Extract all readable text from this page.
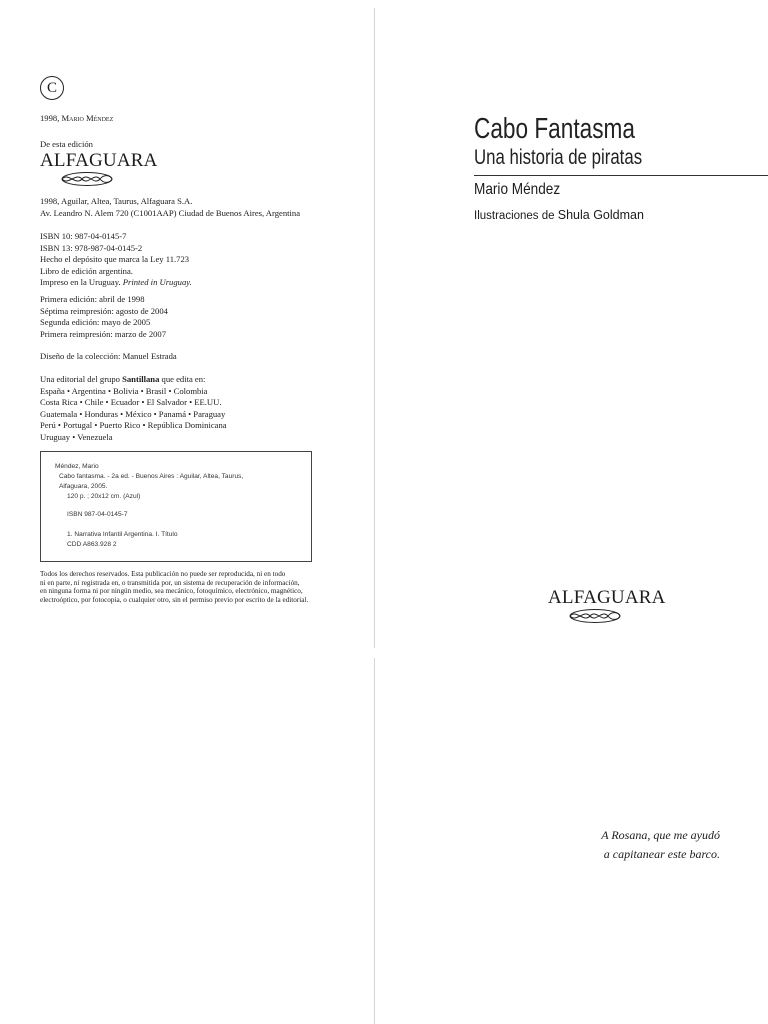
C
1998, Mario Méndez
De esta edición
ALFAGUARA
1998, Aguilar, Altea, Taurus, Alfaguara S.A.
Av. Leandro N. Alem 720 (C1001AAP) Ciudad de Buenos Aires, Argentina
ISBN 10: 987-04-0145-7
ISBN 13: 978-987-04-0145-2
Hecho el depósito que marca la Ley 11.723
Libro de edición argentina.
Impreso en la Uruguay. Printed in Uruguay.
Primera edición: abril de 1998
Séptima reimpresión: agosto de 2004
Segunda edición: mayo de 2005
Primera reimpresión: marzo de 2007
Diseño de la colección: Manuel Estrada
Una editorial del grupo Santillana que edita en:
España • Argentina • Bolivia • Brasil • Colombia
Costa Rica • Chile • Ecuador • El Salvador • EE.UU.
Guatemala • Honduras • México • Panamá • Paraguay
Perú • Portugal • Puerto Rico • República Dominicana
Uruguay • Venezuela
Méndez, Mario
Cabo fantasma. - 2a ed. - Buenos Aires : Aguilar, Altea, Taurus,
Alfaguara, 2005.
120 p. ; 20x12 cm. (Azul)
ISBN 987-04-0145-7
1. Narrativa Infantil Argentina. I. Título
CDD A863.928 2
Todos los derechos reservados. Esta publicación no puede ser reproducida, ni en todo
ni en parte, ni registrada en, o transmitida por, un sistema de recuperación de información,
en ninguna forma ni por ningún medio, sea mecánico, fotoquímico, electrónico, magnético,
electroóptico, por fotocopia, o cualquier otro, sin el permiso previo por escrito de la editorial.
Cabo Fantasma
Una historia de piratas
Mario Méndez
Ilustraciones de Shula Goldman
ALFAGUARA
A Rosana, que me ayudó
a capitanear este barco.
